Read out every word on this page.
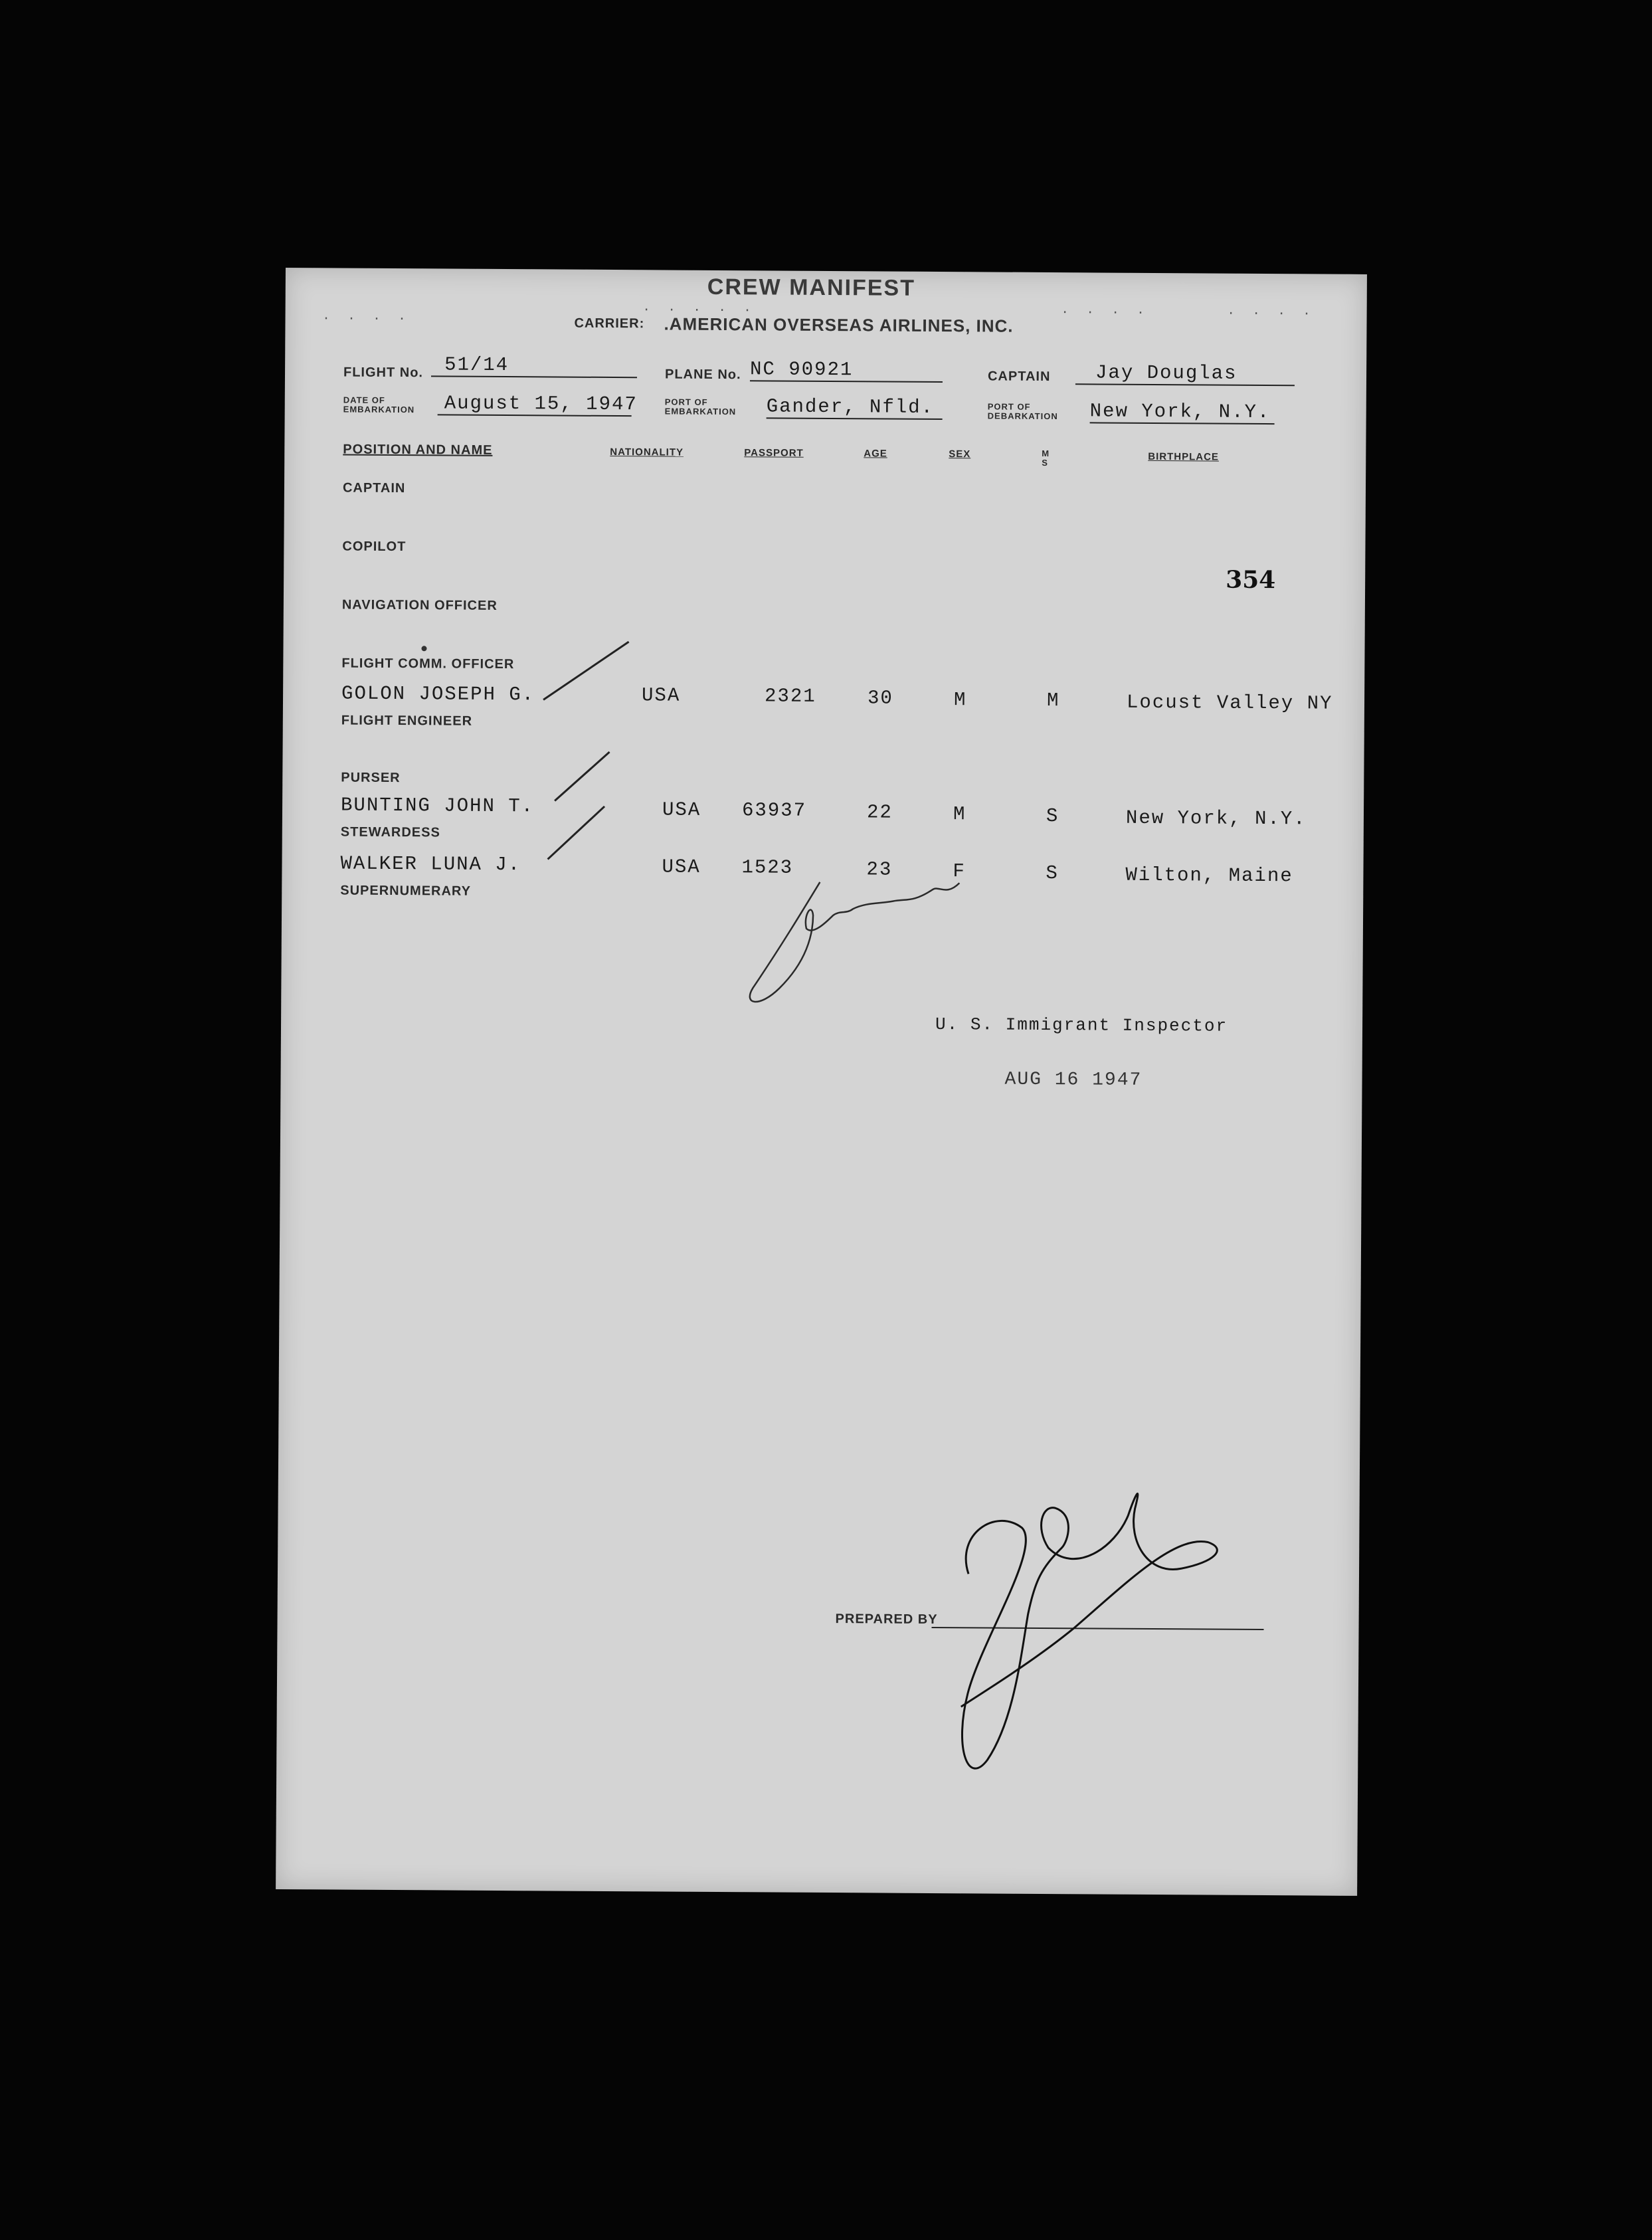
. . . .	. . . . .	. . . .	. . . .
CREW MANIFEST
CARRIER: .AMERICAN OVERSEAS AIRLINES, INC.
FLIGHT No.	51/14	PLANE No. NC 90921	CAPTAIN	Jay Douglas
DATE OF
EMBARKATION	August 15, 1947	PORT OF
EMBARKATION Gander, Nfld.	PORT OF
DEBARKATION New York, N.Y.
POSITION AND NAME	NATIONALITY	PASSPORT	AGE	SEX	M
S	BIRTHPLACE
CAPTAIN
COPILOT
NAVIGATION OFFICER
354
FLIGHT COMM. OFFICER
GOLON JOSEPH G.	USA	2321	30	M	M	Locust Valley NY
FLIGHT ENGINEER
PURSER
BUNTING JOHN T.	USA 63937	22	M	S	New York, N.Y.
STEWARDESS
WALKER LUNA J.	USA 1523	23	F	S	Wilton, Maine
SUPERNUMERARY
U. S. Immigrant Inspector
AUG 16 1947
PREPARED BY
